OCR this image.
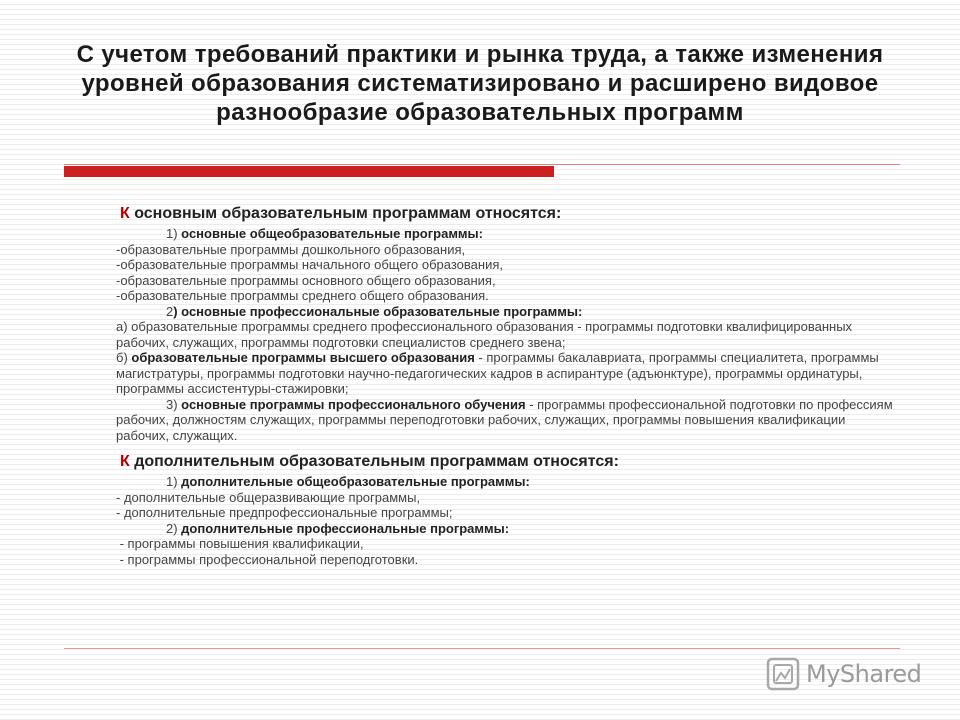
С учетом требований практики и рынка труда, а также изменения уровней образования систематизировано и расширено видовое разнообразие образовательных программ
К основным образовательным программам относятся:

1) основные общеобразовательные программы:

-образовательные программы дошкольного образования,

-образовательные программы начального общего образования,

-образовательные программы основного общего образования,

-образовательные программы среднего общего образования.

2) основные профессиональные образовательные программы:

а) образовательные программы среднего профессионального образования - программы подготовки квалифицированных рабочих, служащих, программы подготовки специалистов среднего звена;

б) образовательные программы высшего образования - программы бакалавриата, программы специалитета, программы магистратуры, программы подготовки научно-педагогических кадров в аспирантуре (адъюнктуре), программы ординатуры, программы ассистентуры-стажировки;

3) основные программы профессионального обучения - программы профессиональной подготовки по профессиям рабочих, должностям служащих, программы переподготовки рабочих, служащих, программы повышения квалификации рабочих, служащих.

К дополнительным образовательным программам относятся:

1) дополнительные общеобразовательные программы:

- дополнительные общеразвивающие программы,

- дополнительные предпрофессиональные программы;

2) дополнительные профессиональные программы:

- программы повышения квалификации,

- программы профессиональной переподготовки.

MyShared
